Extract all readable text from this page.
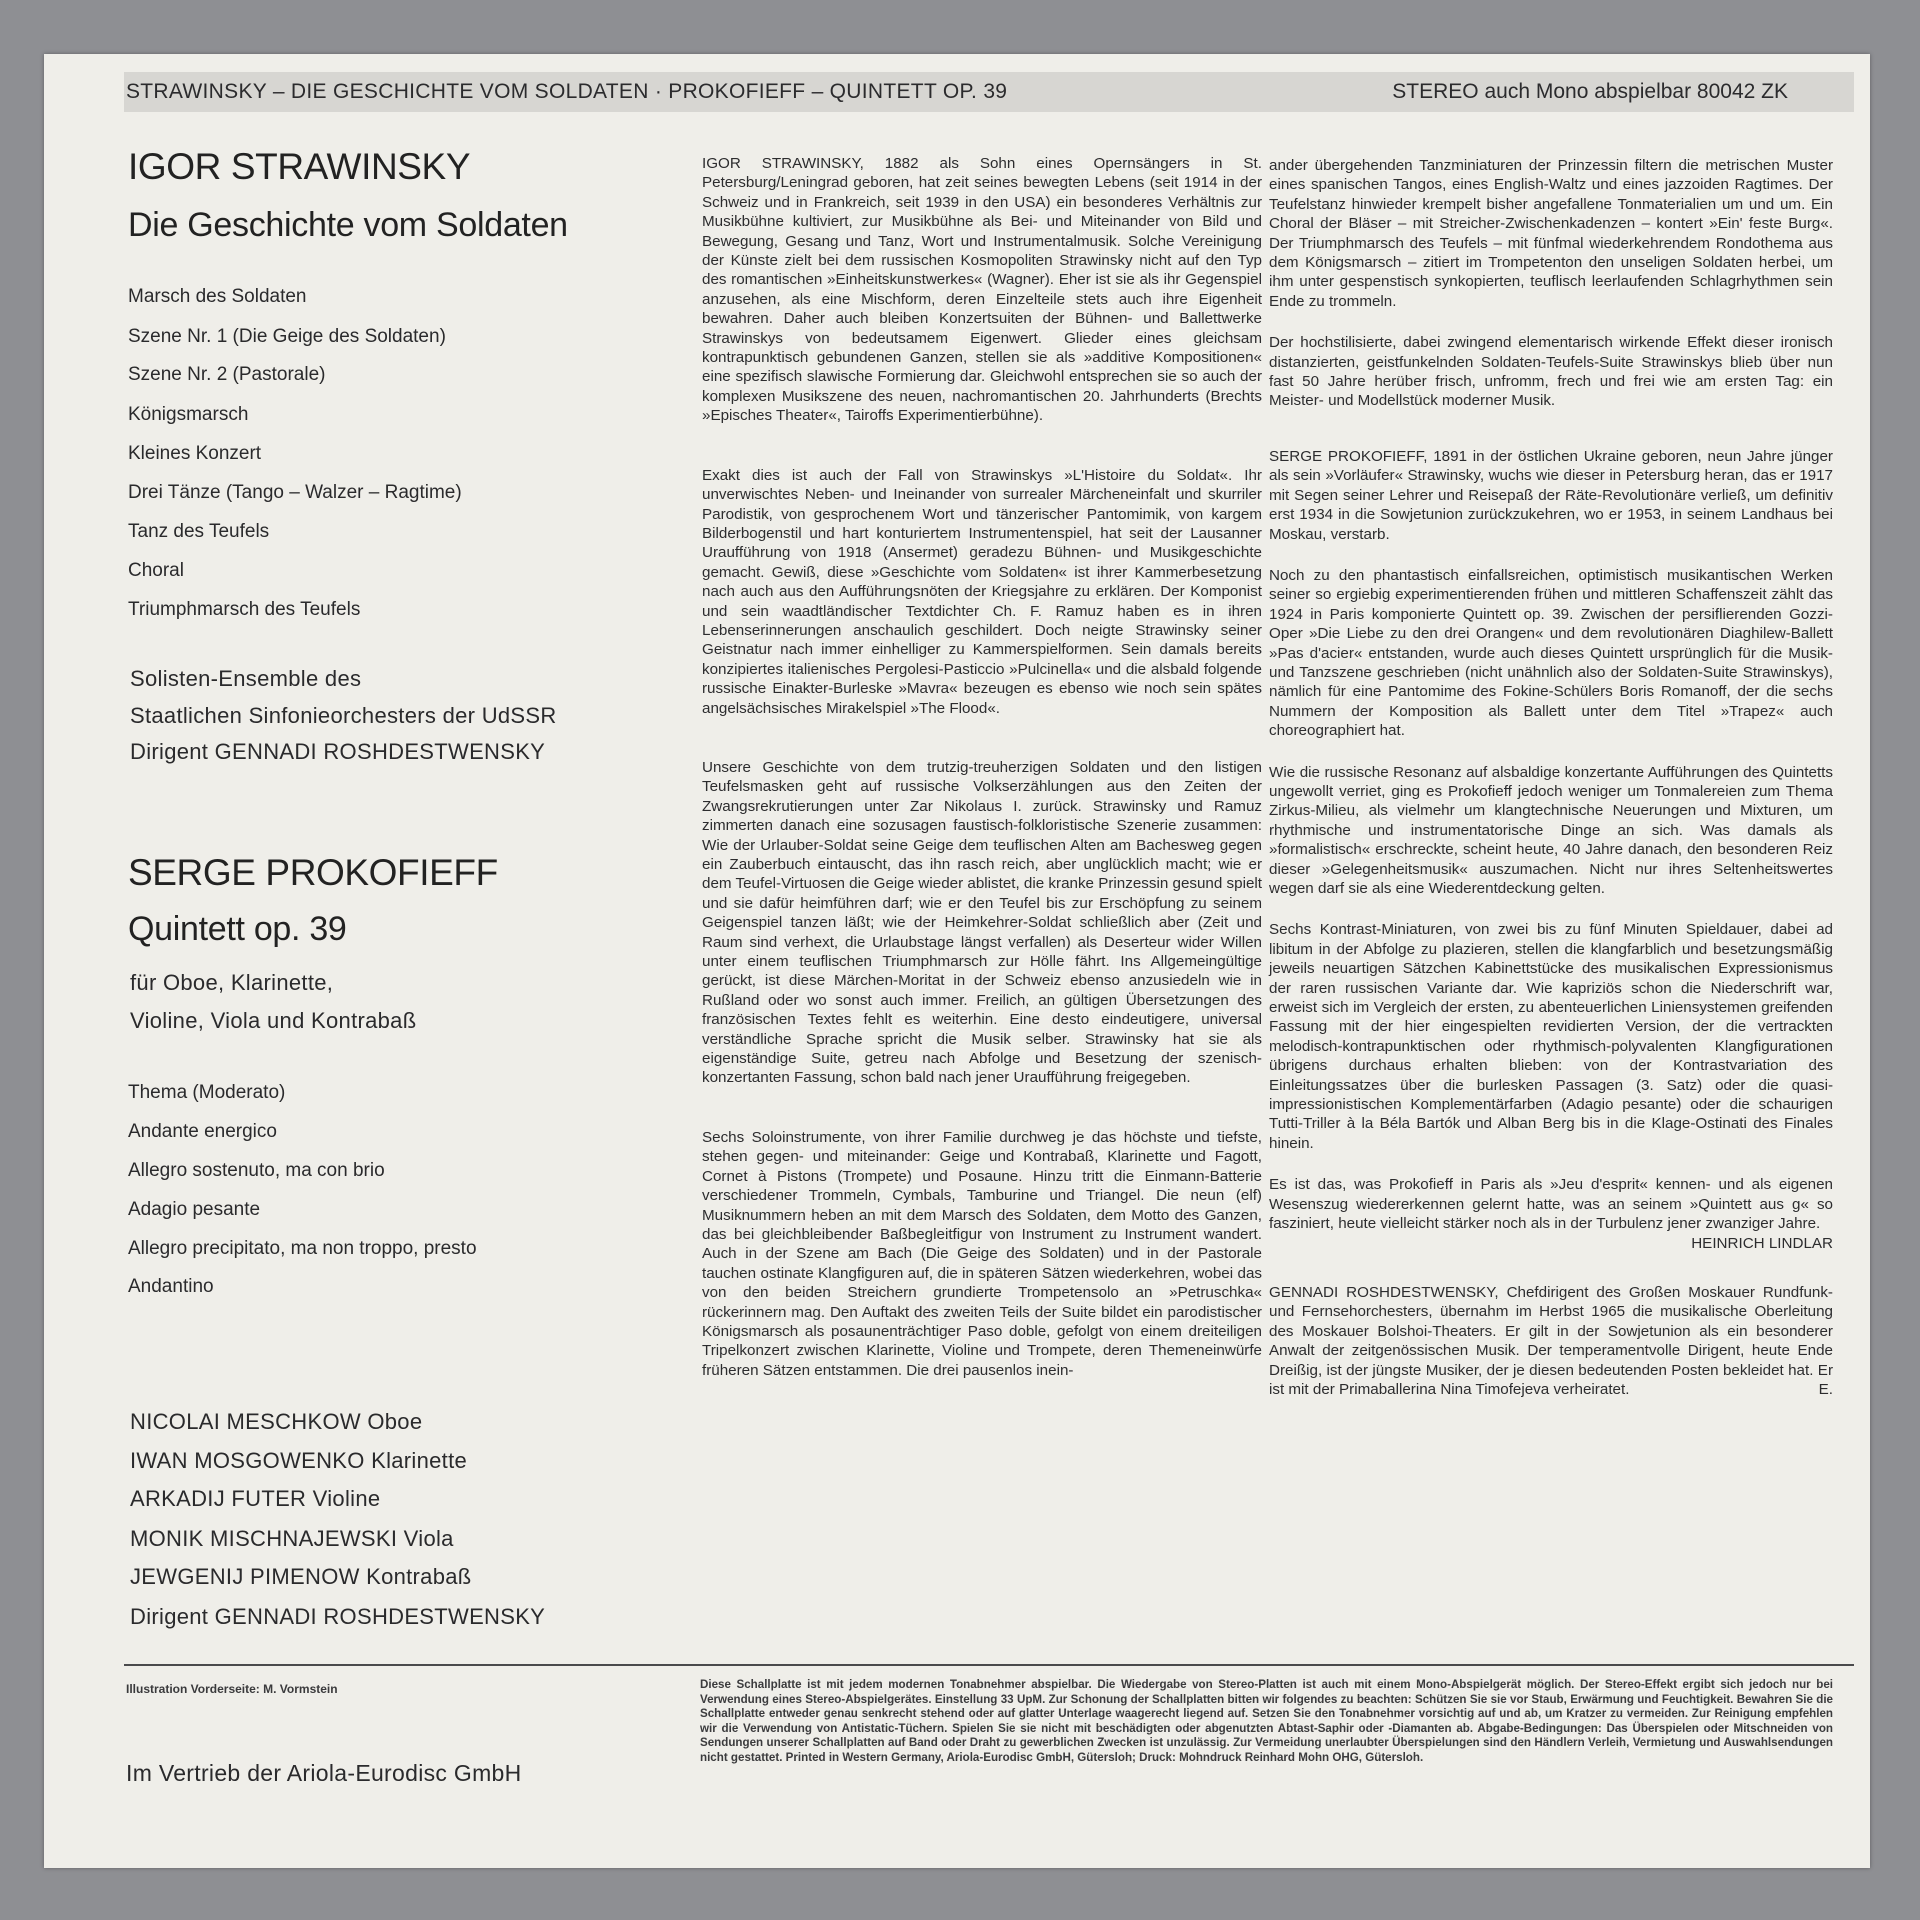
STRAWINSKY – DIE GESCHICHTE VOM SOLDATEN · PROKOFIEFF – QUINTETT OP. 39	STEREO auch Mono abspielbar 80042 ZK
IGOR STRAWINSKY
Die Geschichte vom Soldaten
Marsch des Soldaten
Szene Nr. 1 (Die Geige des Soldaten)
Szene Nr. 2 (Pastorale)
Königsmarsch
Kleines Konzert
Drei Tänze (Tango – Walzer – Ragtime)
Tanz des Teufels
Choral
Triumphmarsch des Teufels
Solisten-Ensemble des
Staatlichen Sinfonieorchesters der UdSSR
Dirigent GENNADI ROSHDESTWENSKY
SERGE PROKOFIEFF
Quintett op. 39
für Oboe, Klarinette,
Violine, Viola und Kontrabaß
Thema (Moderato)
Andante energico
Allegro sostenuto, ma con brio
Adagio pesante
Allegro precipitato, ma non troppo, presto
Andantino
NICOLAI MESCHKOW Oboe
IWAN MOSGOWENKO Klarinette
ARKADIJ FUTER Violine
MONIK MISCHNAJEWSKI Viola
JEWGENIJ PIMENOW Kontrabaß
Dirigent GENNADI ROSHDESTWENSKY

IGOR STRAWINSKY, 1882 als Sohn eines Opernsängers in St. Petersburg/Leningrad geboren, hat zeit seines bewegten Lebens (seit 1914 in der Schweiz und in Frankreich, seit 1939 in den USA) ein besonderes Verhältnis zur Musikbühne kultiviert, zur Musikbühne als Bei- und Miteinander von Bild und Bewegung, Gesang und Tanz, Wort und Instrumentalmusik. Solche Vereinigung der Künste zielt bei dem russischen Kosmopoliten Strawinsky nicht auf den Typ des romantischen »Einheitskunstwerkes« (Wagner). Eher ist sie als ihr Gegenspiel anzusehen, als eine Mischform, deren Einzelteile stets auch ihre Eigenheit bewahren. Daher auch bleiben Konzertsuiten der Bühnen- und Ballettwerke Strawinskys von bedeutsamem Eigenwert. Glieder eines gleichsam kontrapunktisch gebundenen Ganzen, stellen sie als »additive Kompositionen« eine spezifisch slawische Formierung dar. Gleichwohl entsprechen sie so auch der komplexen Musikszene des neuen, nachromantischen 20. Jahrhunderts (Brechts »Episches Theater«, Tairoffs Experimentierbühne).

Exakt dies ist auch der Fall von Strawinskys »L'Histoire du Soldat«. Ihr unverwischtes Neben- und Ineinander von surrealer Märcheneinfalt und skurriler Parodistik, von gesprochenem Wort und tänzerischer Pantomimik, von kargem Bilderbogenstil und hart konturiertem Instrumentenspiel, hat seit der Lausanner Uraufführung von 1918 (Ansermet) geradezu Bühnen- und Musikgeschichte gemacht. Gewiß, diese »Geschichte vom Soldaten« ist ihrer Kammerbesetzung nach auch aus den Aufführungsnöten der Kriegsjahre zu erklären. Der Komponist und sein waadtländischer Textdichter Ch. F. Ramuz haben es in ihren Lebenserinnerungen anschaulich geschildert. Doch neigte Strawinsky seiner Geistnatur nach immer einhelliger zu Kammerspielformen. Sein damals bereits konzipiertes italienisches Pergolesi-Pasticcio »Pulcinella« und die alsbald folgende russische Einakter-Burleske »Mavra« bezeugen es ebenso wie noch sein spätes angelsächsisches Mirakelspiel »The Flood«.

Unsere Geschichte von dem trutzig-treuherzigen Soldaten und den listigen Teufelsmasken geht auf russische Volkserzählungen aus den Zeiten der Zwangsrekrutierungen unter Zar Nikolaus I. zurück. Strawinsky und Ramuz zimmerten danach eine sozusagen faustisch-folkloristische Szenerie zusammen: Wie der Urlauber-Soldat seine Geige dem teuflischen Alten am Bachesweg gegen ein Zauberbuch eintauscht, das ihn rasch reich, aber unglücklich macht; wie er dem Teufel-Virtuosen die Geige wieder ablistet, die kranke Prinzessin gesund spielt und sie dafür heimführen darf; wie er den Teufel bis zur Erschöpfung zu seinem Geigenspiel tanzen läßt; wie der Heimkehrer-Soldat schließlich aber (Zeit und Raum sind verhext, die Urlaubstage längst verfallen) als Deserteur wider Willen unter einem teuflischen Triumphmarsch zur Hölle fährt. Ins Allgemeingültige gerückt, ist diese Märchen-Moritat in der Schweiz ebenso anzusiedeln wie in Rußland oder wo sonst auch immer. Freilich, an gültigen Übersetzungen des französischen Textes fehlt es weiterhin. Eine desto eindeutigere, universal verständliche Sprache spricht die Musik selber. Strawinsky hat sie als eigenständige Suite, getreu nach Abfolge und Besetzung der szenisch-konzertanten Fassung, schon bald nach jener Uraufführung freigegeben.

Sechs Soloinstrumente, von ihrer Familie durchweg je das höchste und tiefste, stehen gegen- und miteinander: Geige und Kontrabaß, Klarinette und Fagott, Cornet à Pistons (Trompete) und Posaune. Hinzu tritt die Einmann-Batterie verschiedener Trommeln, Cymbals, Tamburine und Triangel. Die neun (elf) Musiknummern heben an mit dem Marsch des Soldaten, dem Motto des Ganzen, das bei gleichbleibender Baßbegleitfigur von Instrument zu Instrument wandert. Auch in der Szene am Bach (Die Geige des Soldaten) und in der Pastorale tauchen ostinate Klangfiguren auf, die in späteren Sätzen wiederkehren, wobei das von den beiden Streichern grundierte Trompetensolo an »Petruschka« rückerinnern mag. Den Auftakt des zweiten Teils der Suite bildet ein parodistischer Königsmarsch als posaunenträchtiger Paso doble, gefolgt von einem dreiteiligen Tripelkonzert zwischen Klarinette, Violine und Trompete, deren Themeneinwürfe früheren Sätzen entstammen. Die drei pausenlos inein-

ander übergehenden Tanzminiaturen der Prinzessin filtern die metrischen Muster eines spanischen Tangos, eines English-Waltz und eines jazzoiden Ragtimes. Der Teufelstanz hinwieder krempelt bisher angefallene Tonmaterialien um und um. Ein Choral der Bläser – mit Streicher-Zwischenkadenzen – kontert »Ein' feste Burg«. Der Triumphmarsch des Teufels – mit fünfmal wiederkehrendem Rondothema aus dem Königsmarsch – zitiert im Trompetenton den unseligen Soldaten herbei, um ihm unter gespenstisch synkopierten, teuflisch leerlaufenden Schlagrhythmen sein Ende zu trommeln.

Der hochstilisierte, dabei zwingend elementarisch wirkende Effekt dieser ironisch distanzierten, geistfunkelnden Soldaten-Teufels-Suite Strawinskys blieb über nun fast 50 Jahre herüber frisch, unfromm, frech und frei wie am ersten Tag: ein Meister- und Modellstück moderner Musik.

SERGE PROKOFIEFF, 1891 in der östlichen Ukraine geboren, neun Jahre jünger als sein »Vorläufer« Strawinsky, wuchs wie dieser in Petersburg heran, das er 1917 mit Segen seiner Lehrer und Reisepaß der Räte-Revolutionäre verließ, um definitiv erst 1934 in die Sowjetunion zurückzukehren, wo er 1953, in seinem Landhaus bei Moskau, verstarb.

Noch zu den phantastisch einfallsreichen, optimistisch musikantischen Werken seiner so ergiebig experimentierenden frühen und mittleren Schaffenszeit zählt das 1924 in Paris komponierte Quintett op. 39. Zwischen der persiflierenden Gozzi-Oper »Die Liebe zu den drei Orangen« und dem revolutionären Diaghilew-Ballett »Pas d'acier« entstanden, wurde auch dieses Quintett ursprünglich für die Musik- und Tanzszene geschrieben (nicht unähnlich also der Soldaten-Suite Strawinskys), nämlich für eine Pantomime des Fokine-Schülers Boris Romanoff, der die sechs Nummern der Komposition als Ballett unter dem Titel »Trapez« auch choreographiert hat.

Wie die russische Resonanz auf alsbaldige konzertante Aufführungen des Quintetts ungewollt verriet, ging es Prokofieff jedoch weniger um Tonmalereien zum Thema Zirkus-Milieu, als vielmehr um klangtechnische Neuerungen und Mixturen, um rhythmische und instrumentatorische Dinge an sich. Was damals als »formalistisch« erschreckte, scheint heute, 40 Jahre danach, den besonderen Reiz dieser »Gelegenheitsmusik« auszumachen. Nicht nur ihres Seltenheitswertes wegen darf sie als eine Wiederentdeckung gelten.

Sechs Kontrast-Miniaturen, von zwei bis zu fünf Minuten Spieldauer, dabei ad libitum in der Abfolge zu plazieren, stellen die klangfarblich und besetzungsmäßig jeweils neuartigen Sätzchen Kabinettstücke des musikalischen Expressionismus der raren russischen Variante dar. Wie kapriziös schon die Niederschrift war, erweist sich im Vergleich der ersten, zu abenteuerlichen Liniensystemen greifenden Fassung mit der hier eingespielten revidierten Version, der die vertrackten melodisch-kontrapunktischen oder rhythmisch-polyvalenten Klangfigurationen übrigens durchaus erhalten blieben: von der Kontrastvariation des Einleitungssatzes über die burlesken Passagen (3. Satz) oder die quasi-impressionistischen Komplementärfarben (Adagio pesante) oder die schaurigen Tutti-Triller à la Béla Bartók und Alban Berg bis in die Klage-Ostinati des Finales hinein.

Es ist das, was Prokofieff in Paris als »Jeu d'esprit« kennen- und als eigenen Wesenszug wiedererkennen gelernt hatte, was an seinem »Quintett aus g« so fasziniert, heute vielleicht stärker noch als in der Turbulenz jener zwanziger Jahre.

HEINRICH LINDLAR

GENNADI ROSHDESTWENSKY, Chefdirigent des Großen Moskauer Rundfunk- und Fernsehorchesters, übernahm im Herbst 1965 die musikalische Oberleitung des Moskauer Bolshoi-Theaters. Er gilt in der Sowjetunion als ein besonderer Anwalt der zeitgenössischen Musik. Der temperamentvolle Dirigent, heute Ende Dreißig, ist der jüngste Musiker, der je diesen bedeutenden Posten bekleidet hat. Er ist mit der Primaballerina Nina Timofejeva verheiratet.	E.

Illustration Vorderseite: M. Vormstein
Im Vertrieb der Ariola-Eurodisc GmbH
Diese Schallplatte ist mit jedem modernen Tonabnehmer abspielbar. Die Wiedergabe von Stereo-Platten ist auch mit einem Mono-Abspielgerät möglich. Der Stereo-Effekt ergibt sich jedoch nur bei Verwendung eines Stereo-Abspielgerätes. Einstellung 33 UpM. Zur Schonung der Schallplatten bitten wir folgendes zu beachten: Schützen Sie sie vor Staub, Erwärmung und Feuchtigkeit. Bewahren Sie die Schallplatte entweder genau senkrecht stehend oder auf glatter Unterlage waagerecht liegend auf. Setzen Sie den Tonabnehmer vorsichtig auf und ab, um Kratzer zu vermeiden. Zur Reinigung empfehlen wir die Verwendung von Antistatic-Tüchern. Spielen Sie sie nicht mit beschädigten oder abgenutzten Abtast-Saphir oder -Diamanten ab. Abgabe-Bedingungen: Das Überspielen oder Mitschneiden von Sendungen unserer Schallplatten auf Band oder Draht zu gewerblichen Zwecken ist unzulässig. Zur Vermeidung unerlaubter Überspielungen sind den Händlern Verleih, Vermietung und Auswahlsendungen nicht gestattet. Printed in Western Germany, Ariola-Eurodisc GmbH, Gütersloh; Druck: Mohndruck Reinhard Mohn OHG, Gütersloh.
